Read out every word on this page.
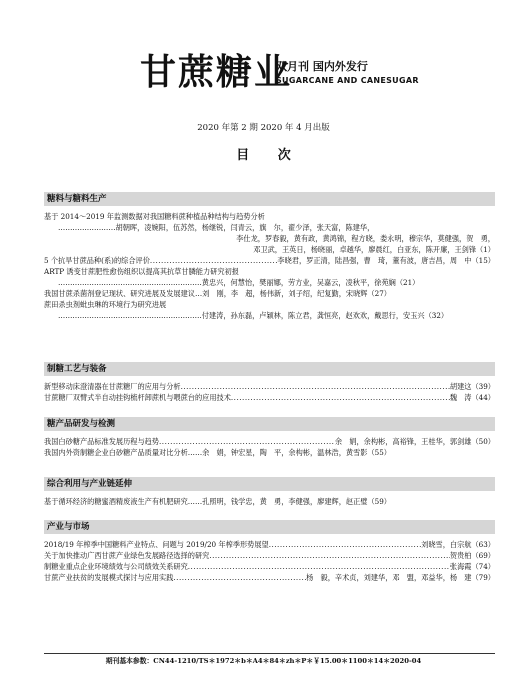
甘蔗糖业
双月刊 国内外发行
SUGARCANE AND CANESUGAR
2020 年第 2 期 2020 年 4 月出版
目 次
糖料与糖料生产
基于 2014～2019 年监测数据对我国糖料蔗种植品种结构与趋势分析
……………………胡朝晖，凌婉阳，伍苏然，杨继锐，闫青云，旗　尔，翟少泽，张天富，陈建华，
李仕龙，罗春毅，黄有政，黄鸿锦，程方晓，娄永明，穆宗华，莫健强，贺　勇，
邓卫武，王英日，杨晓丽，卓越华，廖晨红，白亚东，陈开廉，王剑锋（1）
5 个抗旱甘蔗品种(系)的综合评价 .....	李晓君，罗正清，陆昌强，曹　琦，董有波，唐吉昌，周　中（15）
ARTP 诱变甘蔗肥性愈伤组织以提高其抗草甘膦能力研究初报
……………………………………………………黄忠兴，何慧怡，樊丽娜，劳方业，吴嘉云，凌秋平，徐苑娴（21）
我国甘蔗杀菌剂登记现状、研究进展及发展建议…刘　刚，李　超，杨伟新，刘子绍，纪复勤，宋晓辉（27）
蔗田杀虫剂蚍虫琳的环境行为研究进展
……………………………………………………付建涛，孙东磊，卢颖林，陈立君，龚恒亮，赵欢欢，戴思行，安玉兴（32）
制糖工艺与装备
新型移动床澄清器在甘蔗糖厂的应用与分析 .....	胡建这（39）
甘蔗糖厂双臂式半自动挂钩梳杆卸蔗机与喂蔗台的应用技术 .....	魏　涛（44）
糖产品研发与检测
我国白砂糖产品标准发展历程与趋势 .....	余　娟，余构彬，高裕锋，王桂华，郭剑雄（50）
我国内外资制糖企业白砂糖产品质量对比分析……余　娟，钟宏星，陶　平，余构彬，温林浩，黄雪影（55）
综合利用与产业链延伸
基于循环经济的糖蜜酒精废液生产有机肥研究……孔照明，钱学忠，黄　勇，李健强，廖建辉，赵正璧（59）
产业与市场
2018/19 年榨季中国糖料产业特点、问题与 2019/20 年榨季形势展望 .....	刘晓雪，白宗航（63）
关于加快推动广西甘蔗产业绿色发展路径选择的研究 .....	贺贵柏（69）
制糖业重点企业环境绩效与公司绩效关系研究 .....	张海霞（74）
甘蔗产业扶贫的发展模式探讨与应用实践 .....	杨　毅，辛术贞，刘建华，邓　盟，邓益华，杨　建（79）
期刊基本参数：CN44-1210/TS＊1972＊b＊A4＊84＊zh＊P＊￥15.00＊1100＊14＊2020-04
